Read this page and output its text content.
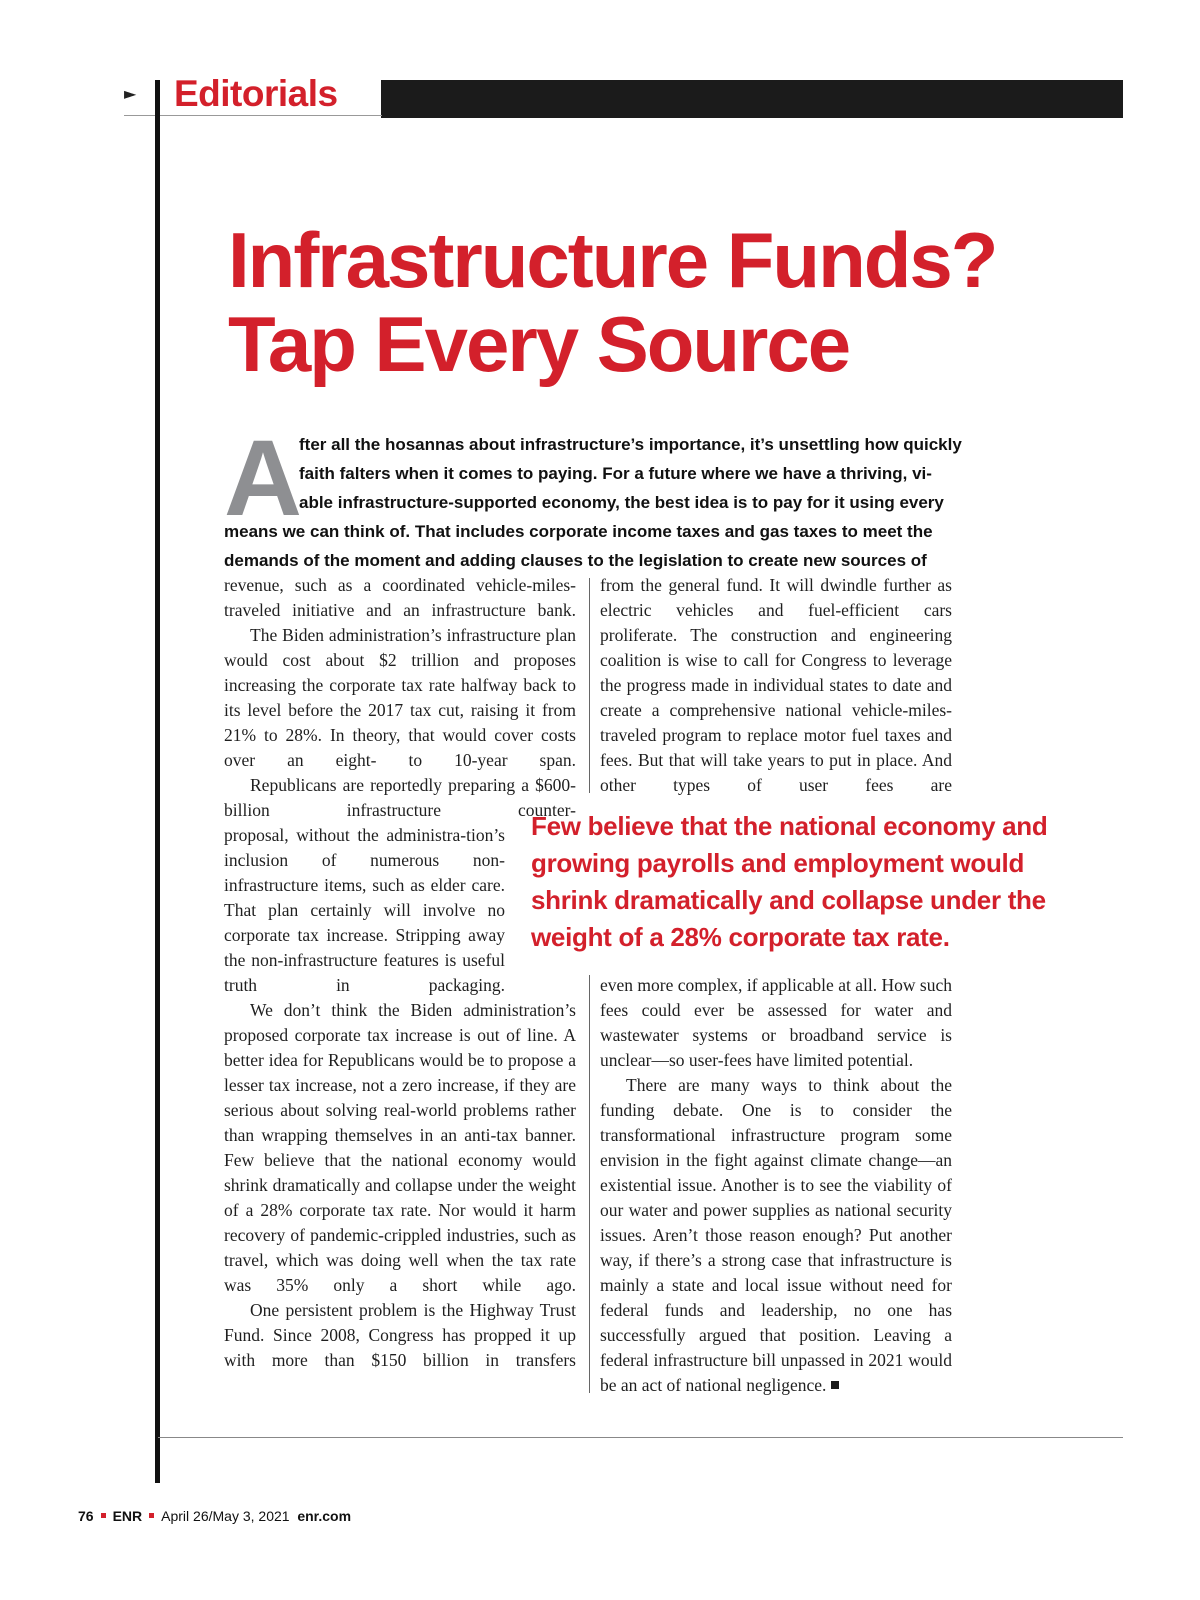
► Editorials
Infrastructure Funds?
Tap Every Source
A
fter all the hosannas about infrastructure’s importance, it’s unsettling how quickly
faith falters when it comes to paying. For a future where we have a thriving, vi-
able infrastructure-supported economy, the best idea is to pay for it using every
means we can think of. That includes corporate income taxes and gas taxes to meet the
demands of the moment and adding clauses to the legislation to create new sources of

revenue, such as a coordinated vehicle-miles-traveled initiative and an infrastructure bank.

The Biden administration’s infrastructure plan would cost about $2 trillion and proposes increasing the corporate tax rate halfway back to its level before the 2017 tax cut, raising it from 21% to 28%. In theory, that would cover costs over an eight- to 10-year span.

Republicans are reportedly preparing a $600-billion infrastructure counter-

proposal, without the administra-tion’s inclusion of numerous non-infrastructure items, such as elder care. That plan certainly will involve no corporate tax increase. Stripping away the non-infrastructure features is useful truth in packaging.

We don’t think the Biden administration’s proposed corporate tax increase is out of line. A better idea for Republicans would be to propose a lesser tax increase, not a zero increase, if they are serious about solving real-world problems rather than wrapping themselves in an anti-tax banner. Few believe that the national economy would shrink dramatically and collapse under the weight of a 28% corporate tax rate. Nor would it harm recovery of pandemic-crippled industries, such as travel, which was doing well when the tax rate was 35% only a short while ago.

One persistent problem is the Highway Trust Fund. Since 2008, Congress has propped it up with more than $150 billion in transfers

from the general fund. It will dwindle further as electric vehicles and fuel-efficient cars proliferate. The construction and engineering coalition is wise to call for Congress to leverage the progress made in individual states to date and create a comprehensive national vehicle-miles-traveled program to replace motor fuel taxes and fees. But that will take years to put in place. And other types of user fees are

Few believe that the national economy and
growing payrolls and employment would
shrink dramatically and collapse under the
weight of a 28% corporate tax rate.

even more complex, if applicable at all. How such fees could ever be assessed for water and wastewater systems or broadband service is unclear—so user-fees have limited potential.

There are many ways to think about the funding debate. One is to consider the transformational infrastructure program some envision in the fight against climate change—an existential issue. Another is to see the viability of our water and power supplies as national security issues. Aren’t those reason enough? Put another way, if there’s a strong case that infrastructure is mainly a state and local issue without need for federal funds and leadership, no one has successfully argued that position. Leaving a federal infrastructure bill unpassed in 2021 would be an act of national negligence.

76 ENR April 26/May 3, 2021 enr.com
